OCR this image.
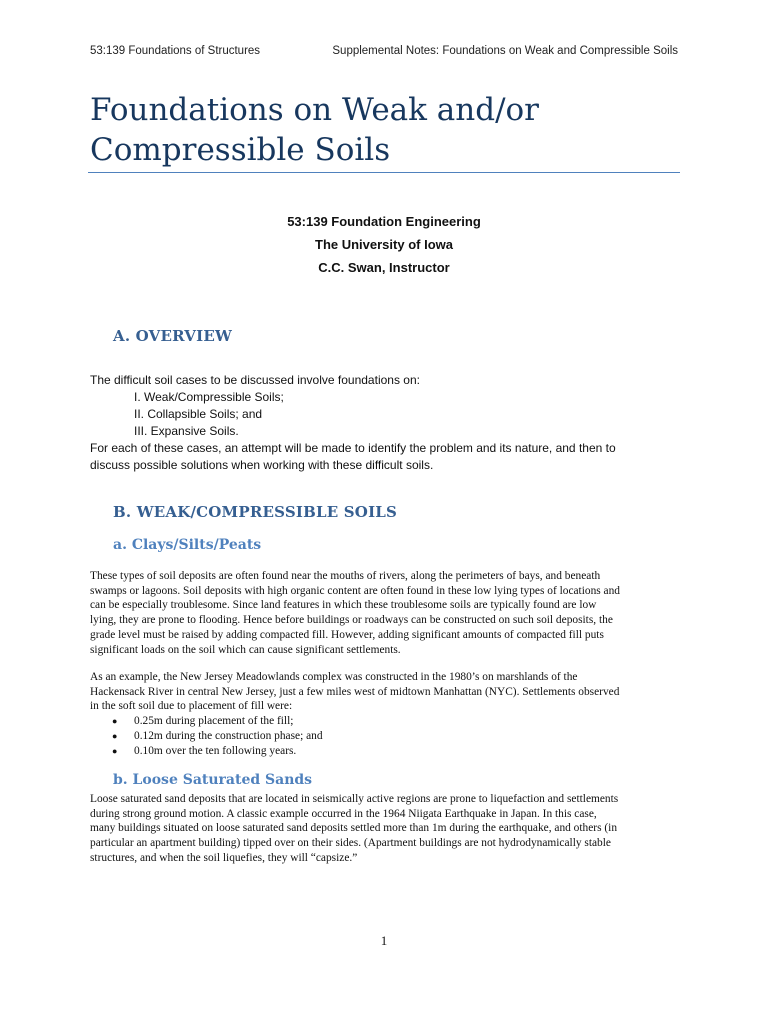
53:139 Foundations of Structures	Supplemental Notes: Foundations on Weak and Compressible Soils
Foundations on Weak and/or
Compressible Soils
53:139 Foundation Engineering
The University of Iowa
C.C. Swan, Instructor
A. OVERVIEW
The difficult soil cases to be discussed involve foundations on:
I. Weak/Compressible Soils;
II. Collapsible Soils; and
III. Expansive Soils.
For each of these cases, an attempt will be made to identify the problem and its nature, and then to
discuss possible solutions when working with these difficult soils.
B. WEAK/COMPRESSIBLE SOILS
a. Clays/Silts/Peats
These types of soil deposits are often found near the mouths of rivers, along the perimeters of bays, and beneath
swamps or lagoons. Soil deposits with high organic content are often found in these low lying types of locations and
can be especially troublesome. Since land features in which these troublesome soils are typically found are low
lying, they are prone to flooding. Hence before buildings or roadways can be constructed on such soil deposits, the
grade level must be raised by adding compacted fill. However, adding significant amounts of compacted fill puts
significant loads on the soil which can cause significant settlements.
As an example, the New Jersey Meadowlands complex was constructed in the 1980’s on marshlands of the
Hackensack River in central New Jersey, just a few miles west of midtown Manhattan (NYC). Settlements observed
in the soft soil due to placement of fill were:
● 0.25m during placement of the fill;
● 0.12m during the construction phase; and
● 0.10m over the ten following years.
b. Loose Saturated Sands
Loose saturated sand deposits that are located in seismically active regions are prone to liquefaction and settlements
during strong ground motion. A classic example occurred in the 1964 Niigata Earthquake in Japan. In this case,
many buildings situated on loose saturated sand deposits settled more than 1m during the earthquake, and others (in
particular an apartment building) tipped over on their sides. (Apartment buildings are not hydrodynamically stable
structures, and when the soil liquefies, they will “capsize.”
1
